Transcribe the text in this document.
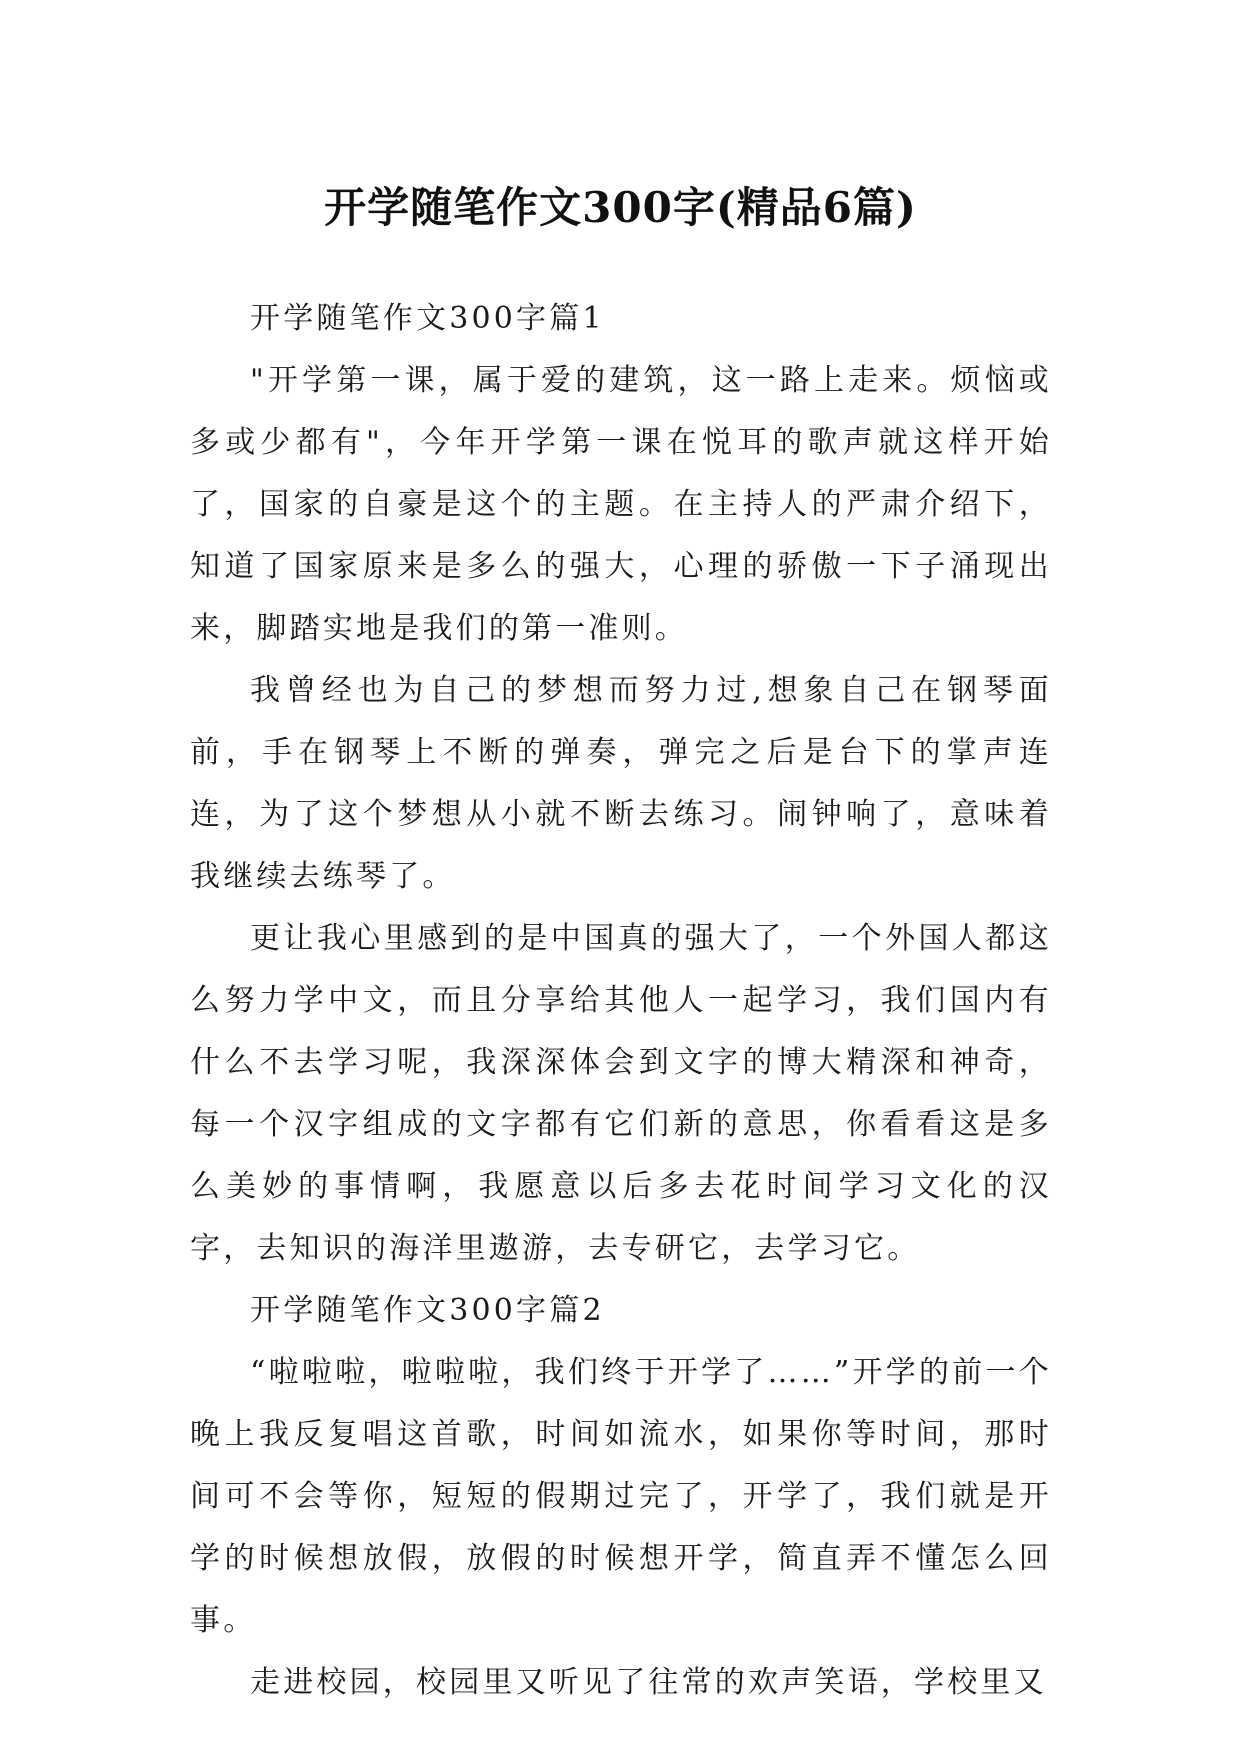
开学随笔作文300字(精品6篇)

开学随笔作文300字篇1

"开学第一课，属于爱的建筑，这一路上走来。烦恼或多或少都有"，今年开学第一课在悦耳的歌声就这样开始了，国家的自豪是这个的主题。在主持人的严肃介绍下，知道了国家原来是多么的强大，心理的骄傲一下子涌现出来，脚踏实地是我们的第一准则。

我曾经也为自己的梦想而努力过,想象自己在钢琴面前，手在钢琴上不断的弹奏，弹完之后是台下的掌声连连，为了这个梦想从小就不断去练习。闹钟响了，意味着我继续去练琴了。

更让我心里感到的是中国真的强大了，一个外国人都这么努力学中文，而且分享给其他人一起学习，我们国内有什么不去学习呢，我深深体会到文字的博大精深和神奇，每一个汉字组成的文字都有它们新的意思，你看看这是多么美妙的事情啊，我愿意以后多去花时间学习文化的汉字，去知识的海洋里遨游，去专研它，去学习它。

开学随笔作文300字篇2

“啦啦啦，啦啦啦，我们终于开学了……”开学的前一个晚上我反复唱这首歌，时间如流水，如果你等时间，那时间可不会等你，短短的假期过完了，开学了，我们就是开学的时候想放假，放假的时候想开学，简直弄不懂怎么回事。

走进校园，校园里又听见了往常的欢声笑语，学校里又
